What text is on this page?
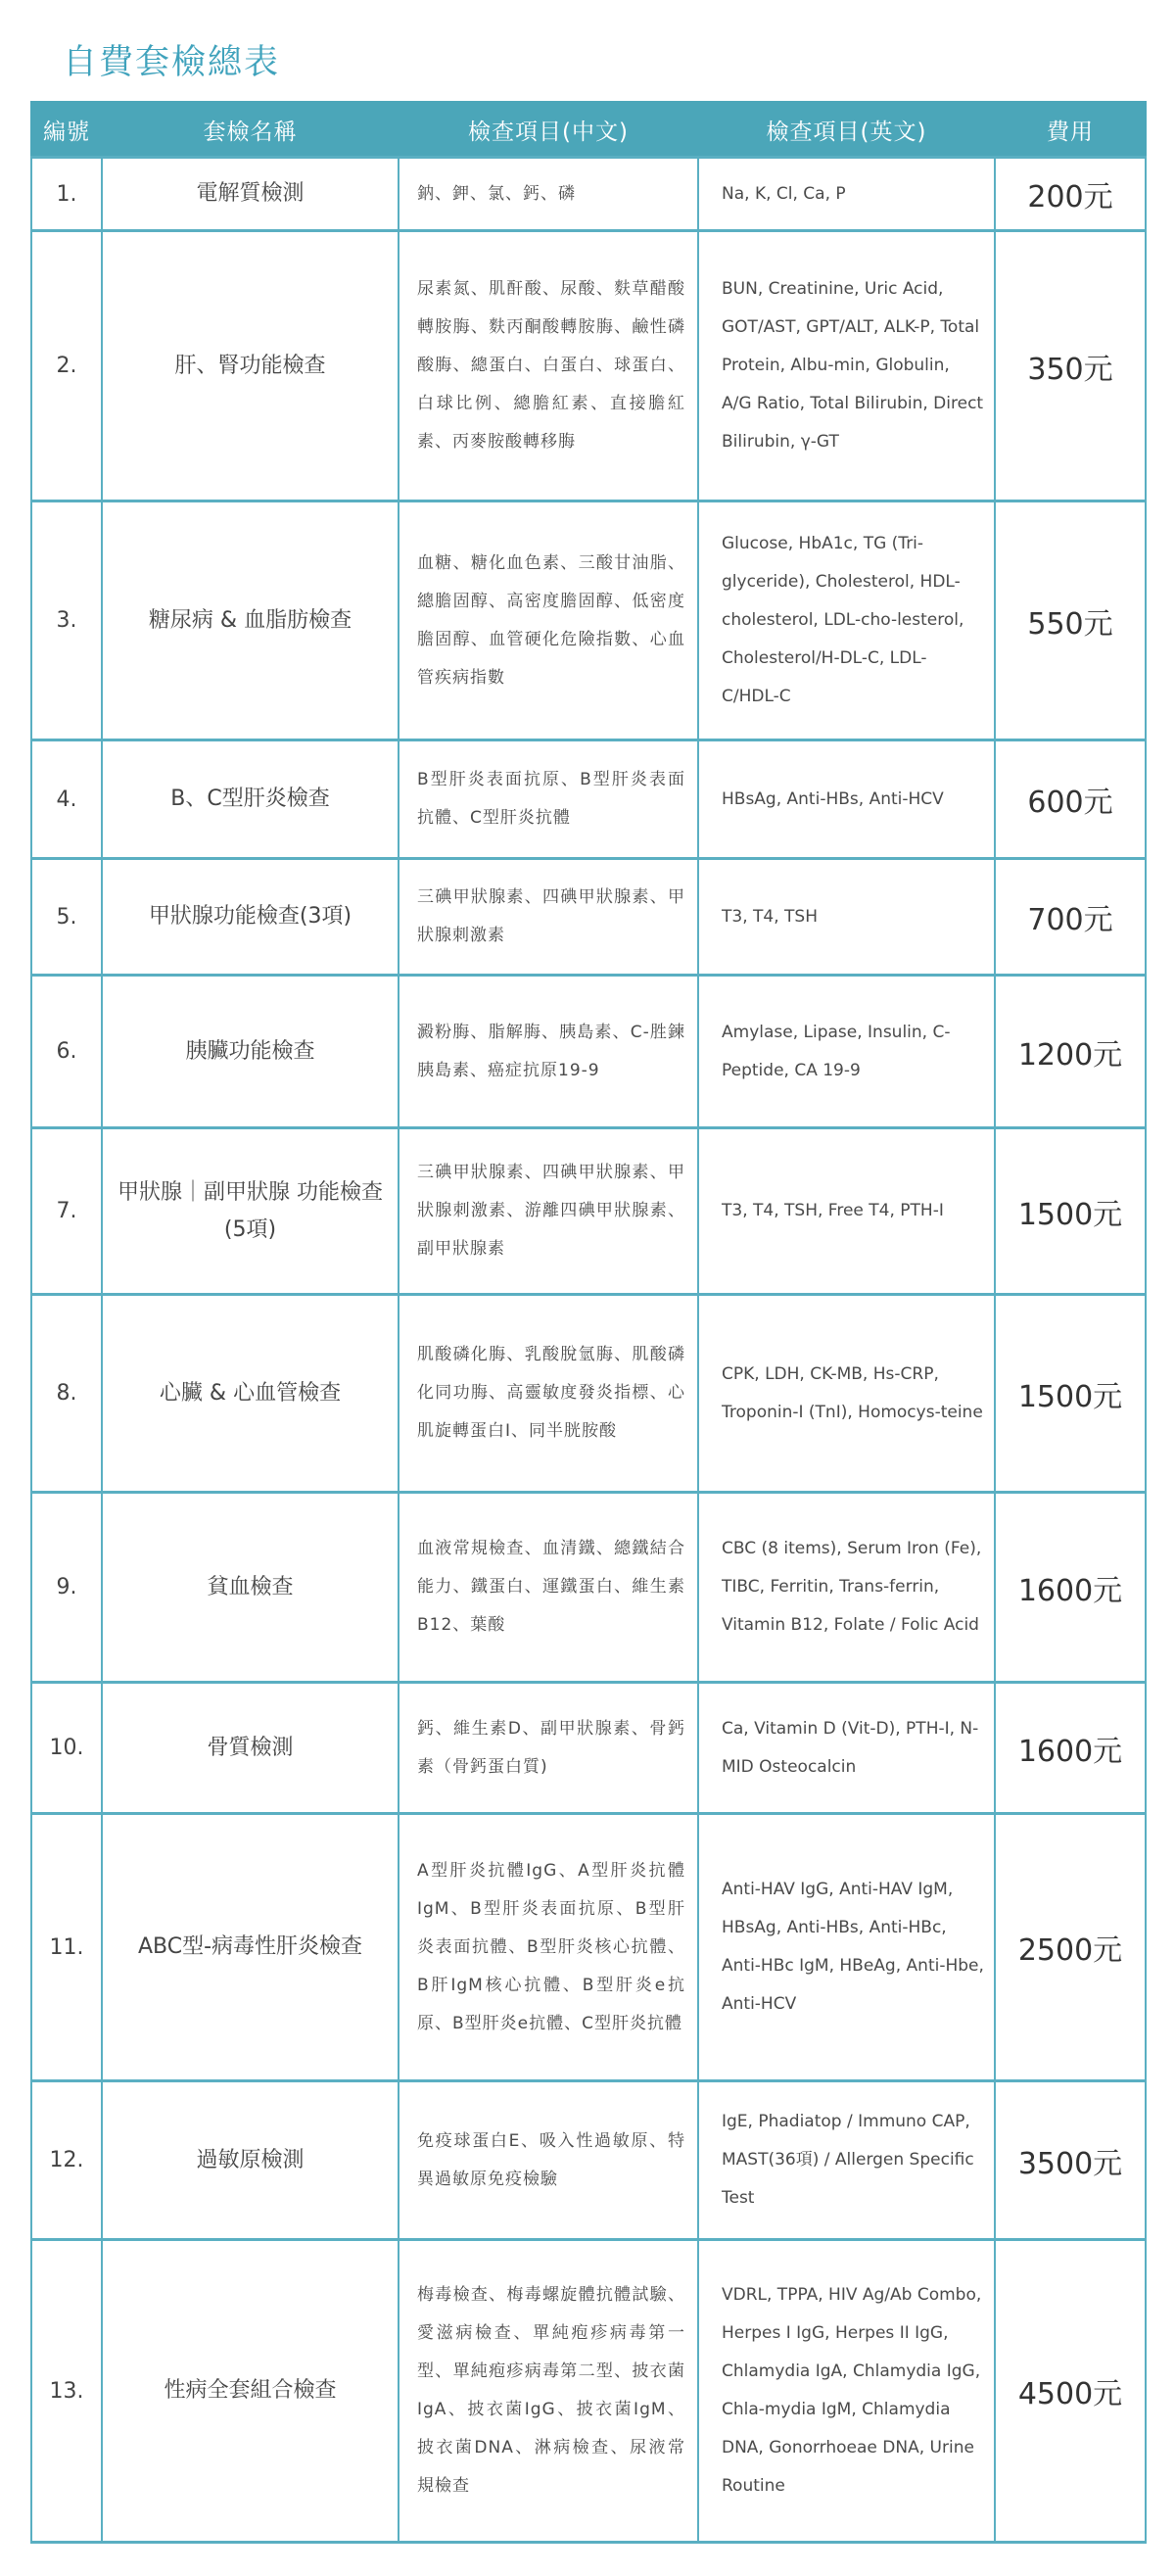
自費套檢總表
編號	套檢名稱	檢查項目(中文)	檢查項目(英文)	費用
1.	電解質檢測	鈉、鉀、氯、鈣、磷	Na, K, Cl, Ca, P	200元
2.	肝、腎功能檢查	尿素氮、肌酐酸、尿酸、麩草醋酸轉胺脢、麩丙酮酸轉胺脢、鹼性磷酸脢、總蛋白、白蛋白、球蛋白、白球比例、總膽紅素、直接膽紅素、丙麥胺酸轉移脢	BUN, Creatinine, Uric Acid, GOT/AST, GPT/ALT, ALK-P, Total Protein, Albu-min, Globulin, A/G Ratio, Total Bilirubin, Direct Bilirubin, γ-GT	350元
3.	糖尿病 & 血脂肪檢查	血糖、糖化血色素、三酸甘油脂、總膽固醇、高密度膽固醇、低密度膽固醇、血管硬化危險指數、心血管疾病指數	Glucose, HbA1c, TG (Tri-glyceride), Cholesterol, HDL-cholesterol, LDL-cho-lesterol, Cholesterol/H-DL-C, LDL-C/HDL-C	550元
4.	B、C型肝炎檢查	B型肝炎表面抗原、B型肝炎表面抗體、C型肝炎抗體	HBsAg, Anti-HBs, Anti-HCV	600元
5.	甲狀腺功能檢查(3項)	三碘甲狀腺素、四碘甲狀腺素、甲狀腺刺激素	T3, T4, TSH	700元
6.	胰臟功能檢查	澱粉脢、脂解脢、胰島素、C-胜鍊胰島素、癌症抗原19-9	Amylase, Lipase, Insulin, C-Peptide, CA 19-9	1200元
7.	甲狀腺｜副甲狀腺 功能檢查(5項)	三碘甲狀腺素、四碘甲狀腺素、甲狀腺刺激素、游離四碘甲狀腺素、副甲狀腺素	T3, T4, TSH, Free T4, PTH-I	1500元
8.	心臟 & 心血管檢查	肌酸磷化脢、乳酸脫氫脢、肌酸磷化同功脢、高靈敏度發炎指標、心肌旋轉蛋白I、同半胱胺酸	CPK, LDH, CK-MB, Hs-CRP, Troponin-I (TnI), Homocys-teine	1500元
9.	貧血檢查	血液常規檢查、血清鐵、總鐵結合能力、鐵蛋白、運鐵蛋白、維生素B12、葉酸	CBC (8 items), Serum Iron (Fe), TIBC, Ferritin, Trans-ferrin, Vitamin B12, Folate / Folic Acid	1600元
10.	骨質檢測	鈣、維生素D、副甲狀腺素、骨鈣素（骨鈣蛋白質)	Ca, Vitamin D (Vit-D), PTH-I, N-MID Osteocalcin	1600元
11.	ABC型-病毒性肝炎檢查	A型肝炎抗體IgG、A型肝炎抗體IgM、B型肝炎表面抗原、B型肝炎表面抗體、B型肝炎核心抗體、B肝IgM核心抗體、B型肝炎e抗原、B型肝炎e抗體、C型肝炎抗體	Anti-HAV IgG, Anti-HAV IgM, HBsAg, Anti-HBs, Anti-HBc, Anti-HBc IgM, HBeAg, Anti-Hbe, Anti-HCV	2500元
12.	過敏原檢測	免疫球蛋白E、吸入性過敏原、特異過敏原免疫檢驗	IgE, Phadiatop / Immuno CAP, MAST(36項) / Allergen Specific Test	3500元
13.	性病全套組合檢查	梅毒檢查、梅毒螺旋體抗體試驗、愛滋病檢查、單純疱疹病毒第一型、單純疱疹病毒第二型、披衣菌IgA、披衣菌IgG、披衣菌IgM、披衣菌DNA、淋病檢查、尿液常規檢查	VDRL, TPPA, HIV Ag/Ab Combo, Herpes I IgG, Herpes II IgG, Chlamydia IgA, Chlamydia IgG, Chla-mydia IgM, Chlamydia DNA, Gonorrhoeae DNA, Urine Routine	4500元
